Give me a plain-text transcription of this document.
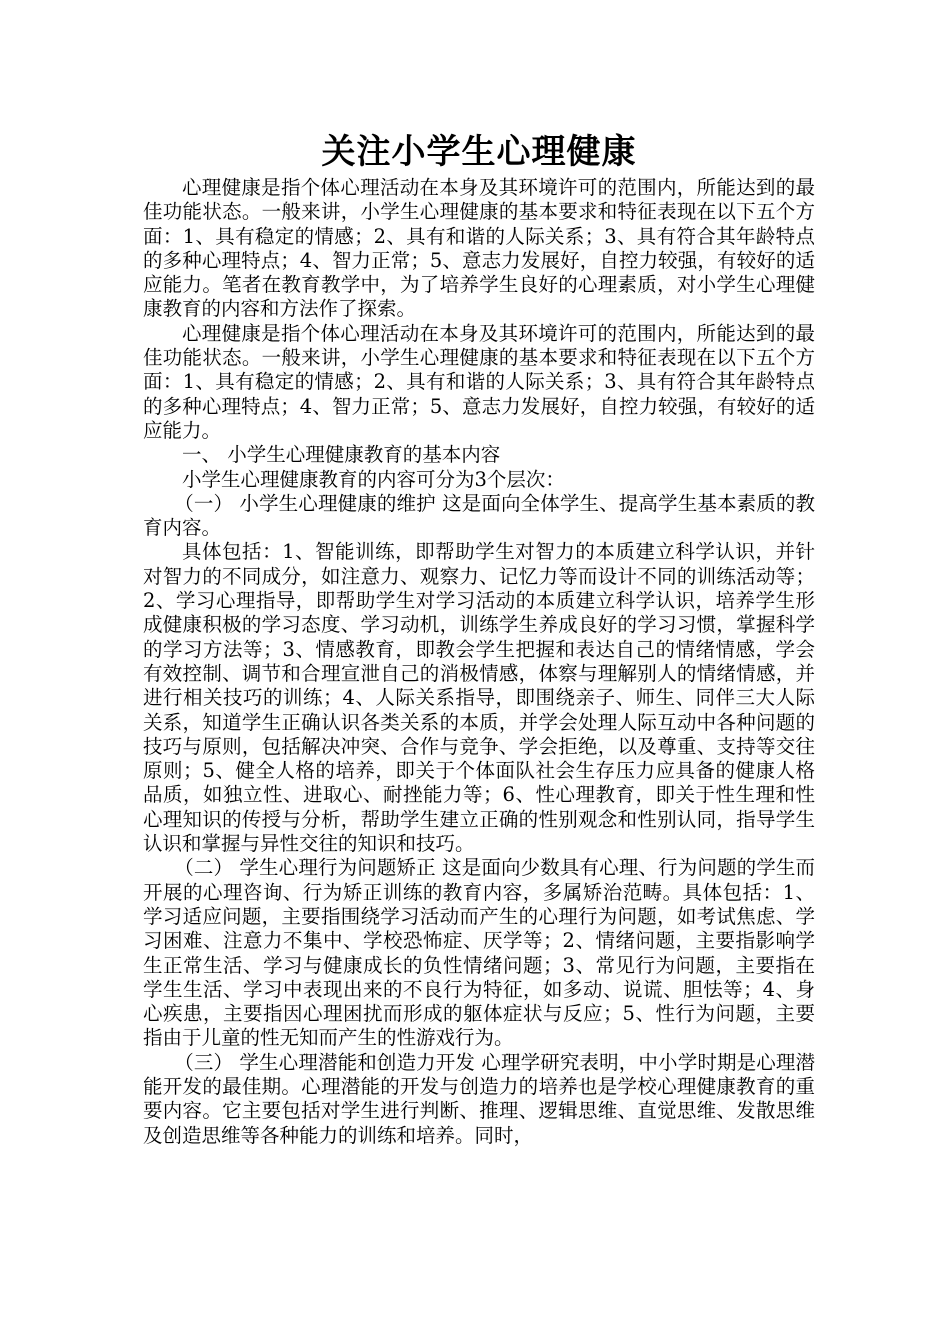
关注小学生心理健康

心理健康是指个体心理活动在本身及其环境许可的范围内，所能达到的最佳功能状态。一般来讲，小学生心理健康的基本要求和特征表现在以下五个方面：1、具有稳定的情感；2、具有和谐的人际关系；3、具有符合其年龄特点的多种心理特点；4、智力正常；5、意志力发展好，自控力较强，有较好的适应能力。笔者在教育教学中，为了培养学生良好的心理素质，对小学生心理健康教育的内容和方法作了探索。

心理健康是指个体心理活动在本身及其环境许可的范围内，所能达到的最佳功能状态。一般来讲，小学生心理健康的基本要求和特征表现在以下五个方面：1、具有稳定的情感；2、具有和谐的人际关系；3、具有符合其年龄特点的多种心理特点；4、智力正常；5、意志力发展好，自控力较强，有较好的适应能力。

一、 小学生心理健康教育的基本内容

小学生心理健康教育的内容可分为3个层次：

（一） 小学生心理健康的维护 这是面向全体学生、提高学生基本素质的教育内容。

具体包括：1、智能训练，即帮助学生对智力的本质建立科学认识，并针对智力的不同成分，如注意力、观察力、记忆力等而设计不同的训练活动等；2、学习心理指导，即帮助学生对学习活动的本质建立科学认识，培养学生形成健康积极的学习态度、学习动机，训练学生养成良好的学习习惯，掌握科学的学习方法等；3、情感教育，即教会学生把握和表达自己的情绪情感，学会有效控制、调节和合理宣泄自己的消极情感，体察与理解别人的情绪情感，并进行相关技巧的训练；4、人际关系指导，即围绕亲子、师生、同伴三大人际关系，知道学生正确认识各类关系的本质，并学会处理人际互动中各种问题的技巧与原则，包括解决冲突、合作与竞争、学会拒绝，以及尊重、支持等交往原则；5、健全人格的培养，即关于个体面队社会生存压力应具备的健康人格品质，如独立性、进取心、耐挫能力等；6、性心理教育，即关于性生理和性心理知识的传授与分析，帮助学生建立正确的性别观念和性别认同，指导学生认识和掌握与异性交往的知识和技巧。

（二） 学生心理行为问题矫正 这是面向少数具有心理、行为问题的学生而开展的心理咨询、行为矫正训练的教育内容，多属矫治范畴。具体包括：1、学习适应问题，主要指围绕学习活动而产生的心理行为问题，如考试焦虑、学习困难、注意力不集中、学校恐怖症、厌学等；2、情绪问题，主要指影响学生正常生活、学习与健康成长的负性情绪问题；3、常见行为问题，主要指在学生生活、学习中表现出来的不良行为特征，如多动、说谎、胆怯等；4、身心疾患，主要指因心理困扰而形成的躯体症状与反应；5、性行为问题，主要指由于儿童的性无知而产生的性游戏行为。

（三） 学生心理潜能和创造力开发 心理学研究表明，中小学时期是心理潜能开发的最佳期。心理潜能的开发与创造力的培养也是学校心理健康教育的重要内容。它主要包括对学生进行判断、推理、逻辑思维、直觉思维、发散思维及创造思维等各种能力的训练和培养。同时，
